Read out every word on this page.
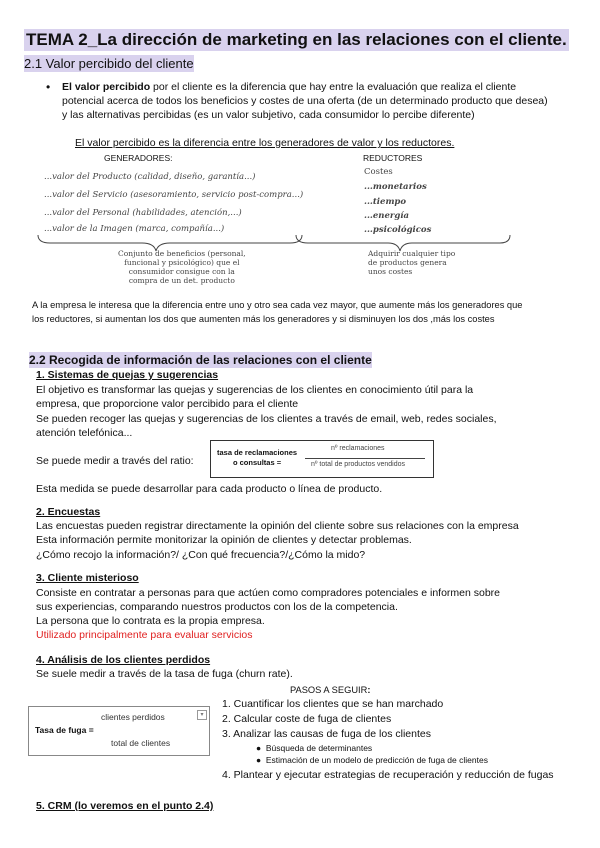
TEMA 2_La dirección de marketing en las relaciones con el cliente.
2.1 Valor percibido del cliente
• El valor percibido por el cliente es la diferencia que hay entre la evaluación que realiza el cliente
potencial acerca de todos los beneficios y costes de una oferta (de un determinado producto que desea)
y las alternativas percibidas (es un valor subjetivo, cada consumidor lo percibe diferente)
El valor percibido es la diferencia entre los generadores de valor y los reductores.
GENERADORES:	REDUCTORES
...valor del Producto (calidad, diseño, garantía...)
...valor del Servicio (asesoramiento, servicio post-compra...)
...valor del Personal (habilidades, atención,...)
...valor de la Imagen (marca, compañía...)
Costes
...monetarios
...tiempo
...energía
...psicológicos
Conjunto de beneficios (personal,
funcional y psicológico) que el
consumidor consigue con la
compra de un det. producto
Adquirir cualquier tipo
de productos genera
unos costes
A la empresa le interesa que la diferencia entre uno y otro sea cada vez mayor, que aumente más los generadores que
los reductores, si aumentan los dos que aumenten más los generadores y si disminuyen los dos ,más los costes
2.2 Recogida de información de las relaciones con el cliente
1. Sistemas de quejas y sugerencias
El objetivo es transformar las quejas y sugerencias de los clientes en conocimiento útil para la
empresa, que proporcione valor percibido para el cliente
Se pueden recoger las quejas y sugerencias de los clientes a través de email, web, redes sociales,
atención telefónica...
Se puede medir a través del ratio:
tasa de reclamaciones
o consultas =
nº reclamaciones
nº total de productos vendidos
Esta medida se puede desarrollar para cada producto o línea de producto.
2. Encuestas
Las encuestas pueden registrar directamente la opinión del cliente sobre sus relaciones con la empresa
Esta información permite monitorizar la opinión de clientes y detectar problemas.
¿Cómo recojo la información?/ ¿Con qué frecuencia?/¿Cómo la mido?
3. Cliente misterioso
Consiste en contratar a personas para que actúen como compradores potenciales e informen sobre
sus experiencias, comparando nuestros productos con los de la competencia.
La persona que lo contrata es la propia empresa.
Utilizado principalmente para evaluar servicios
4. Análisis de los clientes perdidos
Se suele medir a través de la tasa de fuga (churn rate).
PASOS A SEGUIR:
clientes perdidos
Tasa de fuga =
total de clientes
▾
1. Cuantificar los clientes que se han marchado
2. Calcular coste de fuga de clientes
3. Analizar las causas de fuga de los clientes
4. Plantear y ejecutar estrategias de recuperación y reducción de fugas
●  Búsqueda de determinantes
●  Estimación de un modelo de predicción de fuga de clientes
5. CRM (lo veremos en el punto 2.4)
